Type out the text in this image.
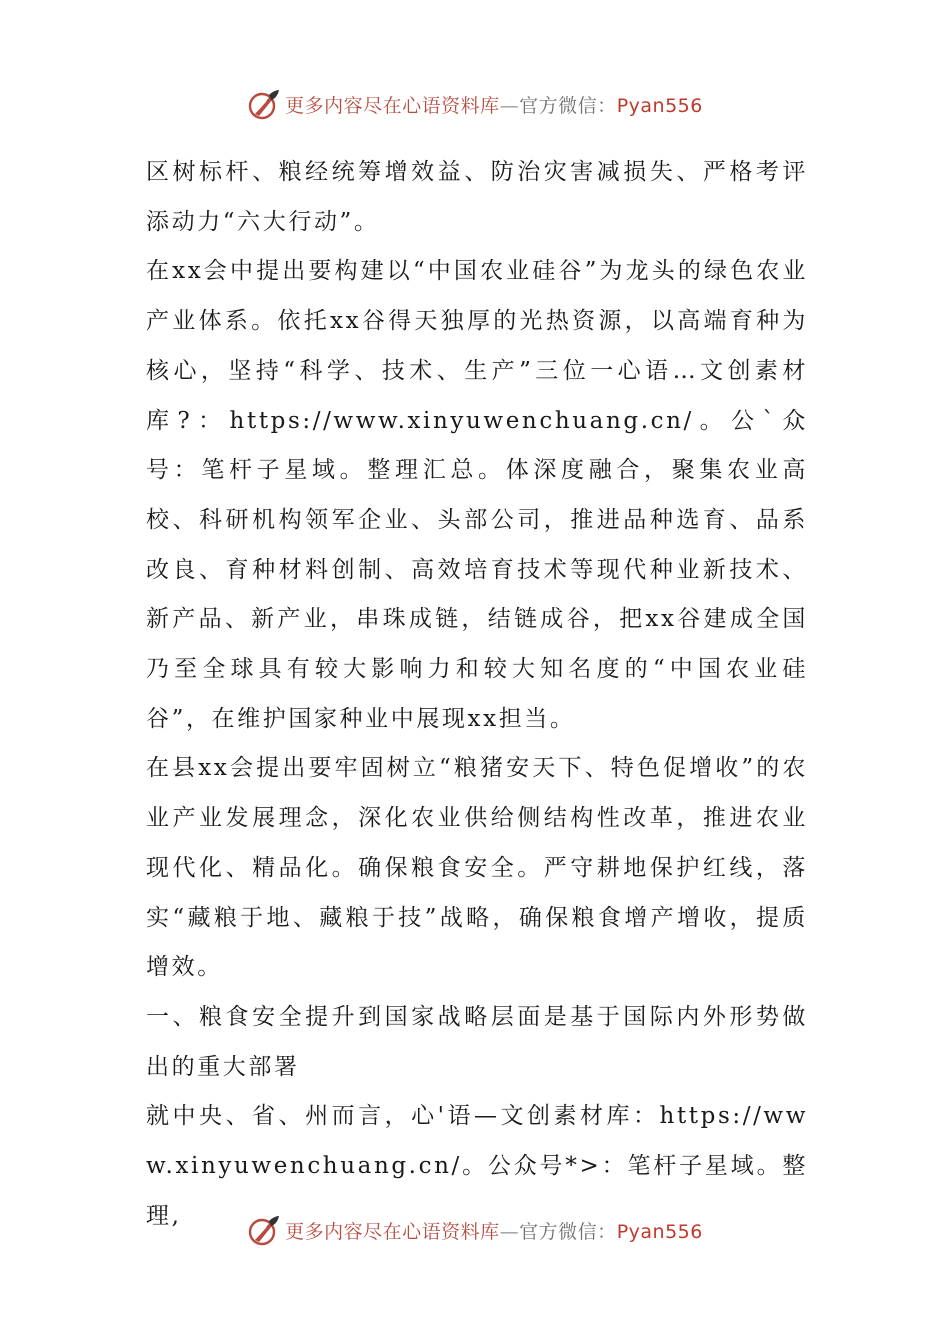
更多内容尽在心语资料库—官方微信：Pyan556

区树标杆、粮经统筹增效益、防治灾害减损失、严格考评添动力“六大行动”。

在xx会中提出要构建以“中国农业硅谷”为龙头的绿色农业产业体系。依托xx谷得天独厚的光热资源，以高端育种为核心，坚持“科学、技术、生产”三位一心语…文创素材库?：https://www.xinyuwenchuang.cn/。公`众号：笔杆子星域。整理汇总。体深度融合，聚集农业高校、科研机构领军企业、头部公司，推进品种选育、品系改良、育种材料创制、高效培育技术等现代种业新技术、新产品、新产业，串珠成链，结链成谷，把xx谷建成全国乃至全球具有较大影响力和较大知名度的“中国农业硅谷”，在维护国家种业中展现xx担当。

在县xx会提出要牢固树立“粮猪安天下、特色促增收”的农业产业发展理念，深化农业供给侧结构性改革，推进农业现代化、精品化。确保粮食安全。严守耕地保护红线，落实“藏粮于地、藏粮于技”战略，确保粮食增产增收，提质增效。

一、粮食安全提升到国家战略层面是基于国际内外形势做出的重大部署

就中央、省、州而言，心'语—文创素材库：https://www.xinyuwenchuang.cn/。公众号*>：笔杆子星域。整理,

更多内容尽在心语资料库—官方微信：Pyan556
